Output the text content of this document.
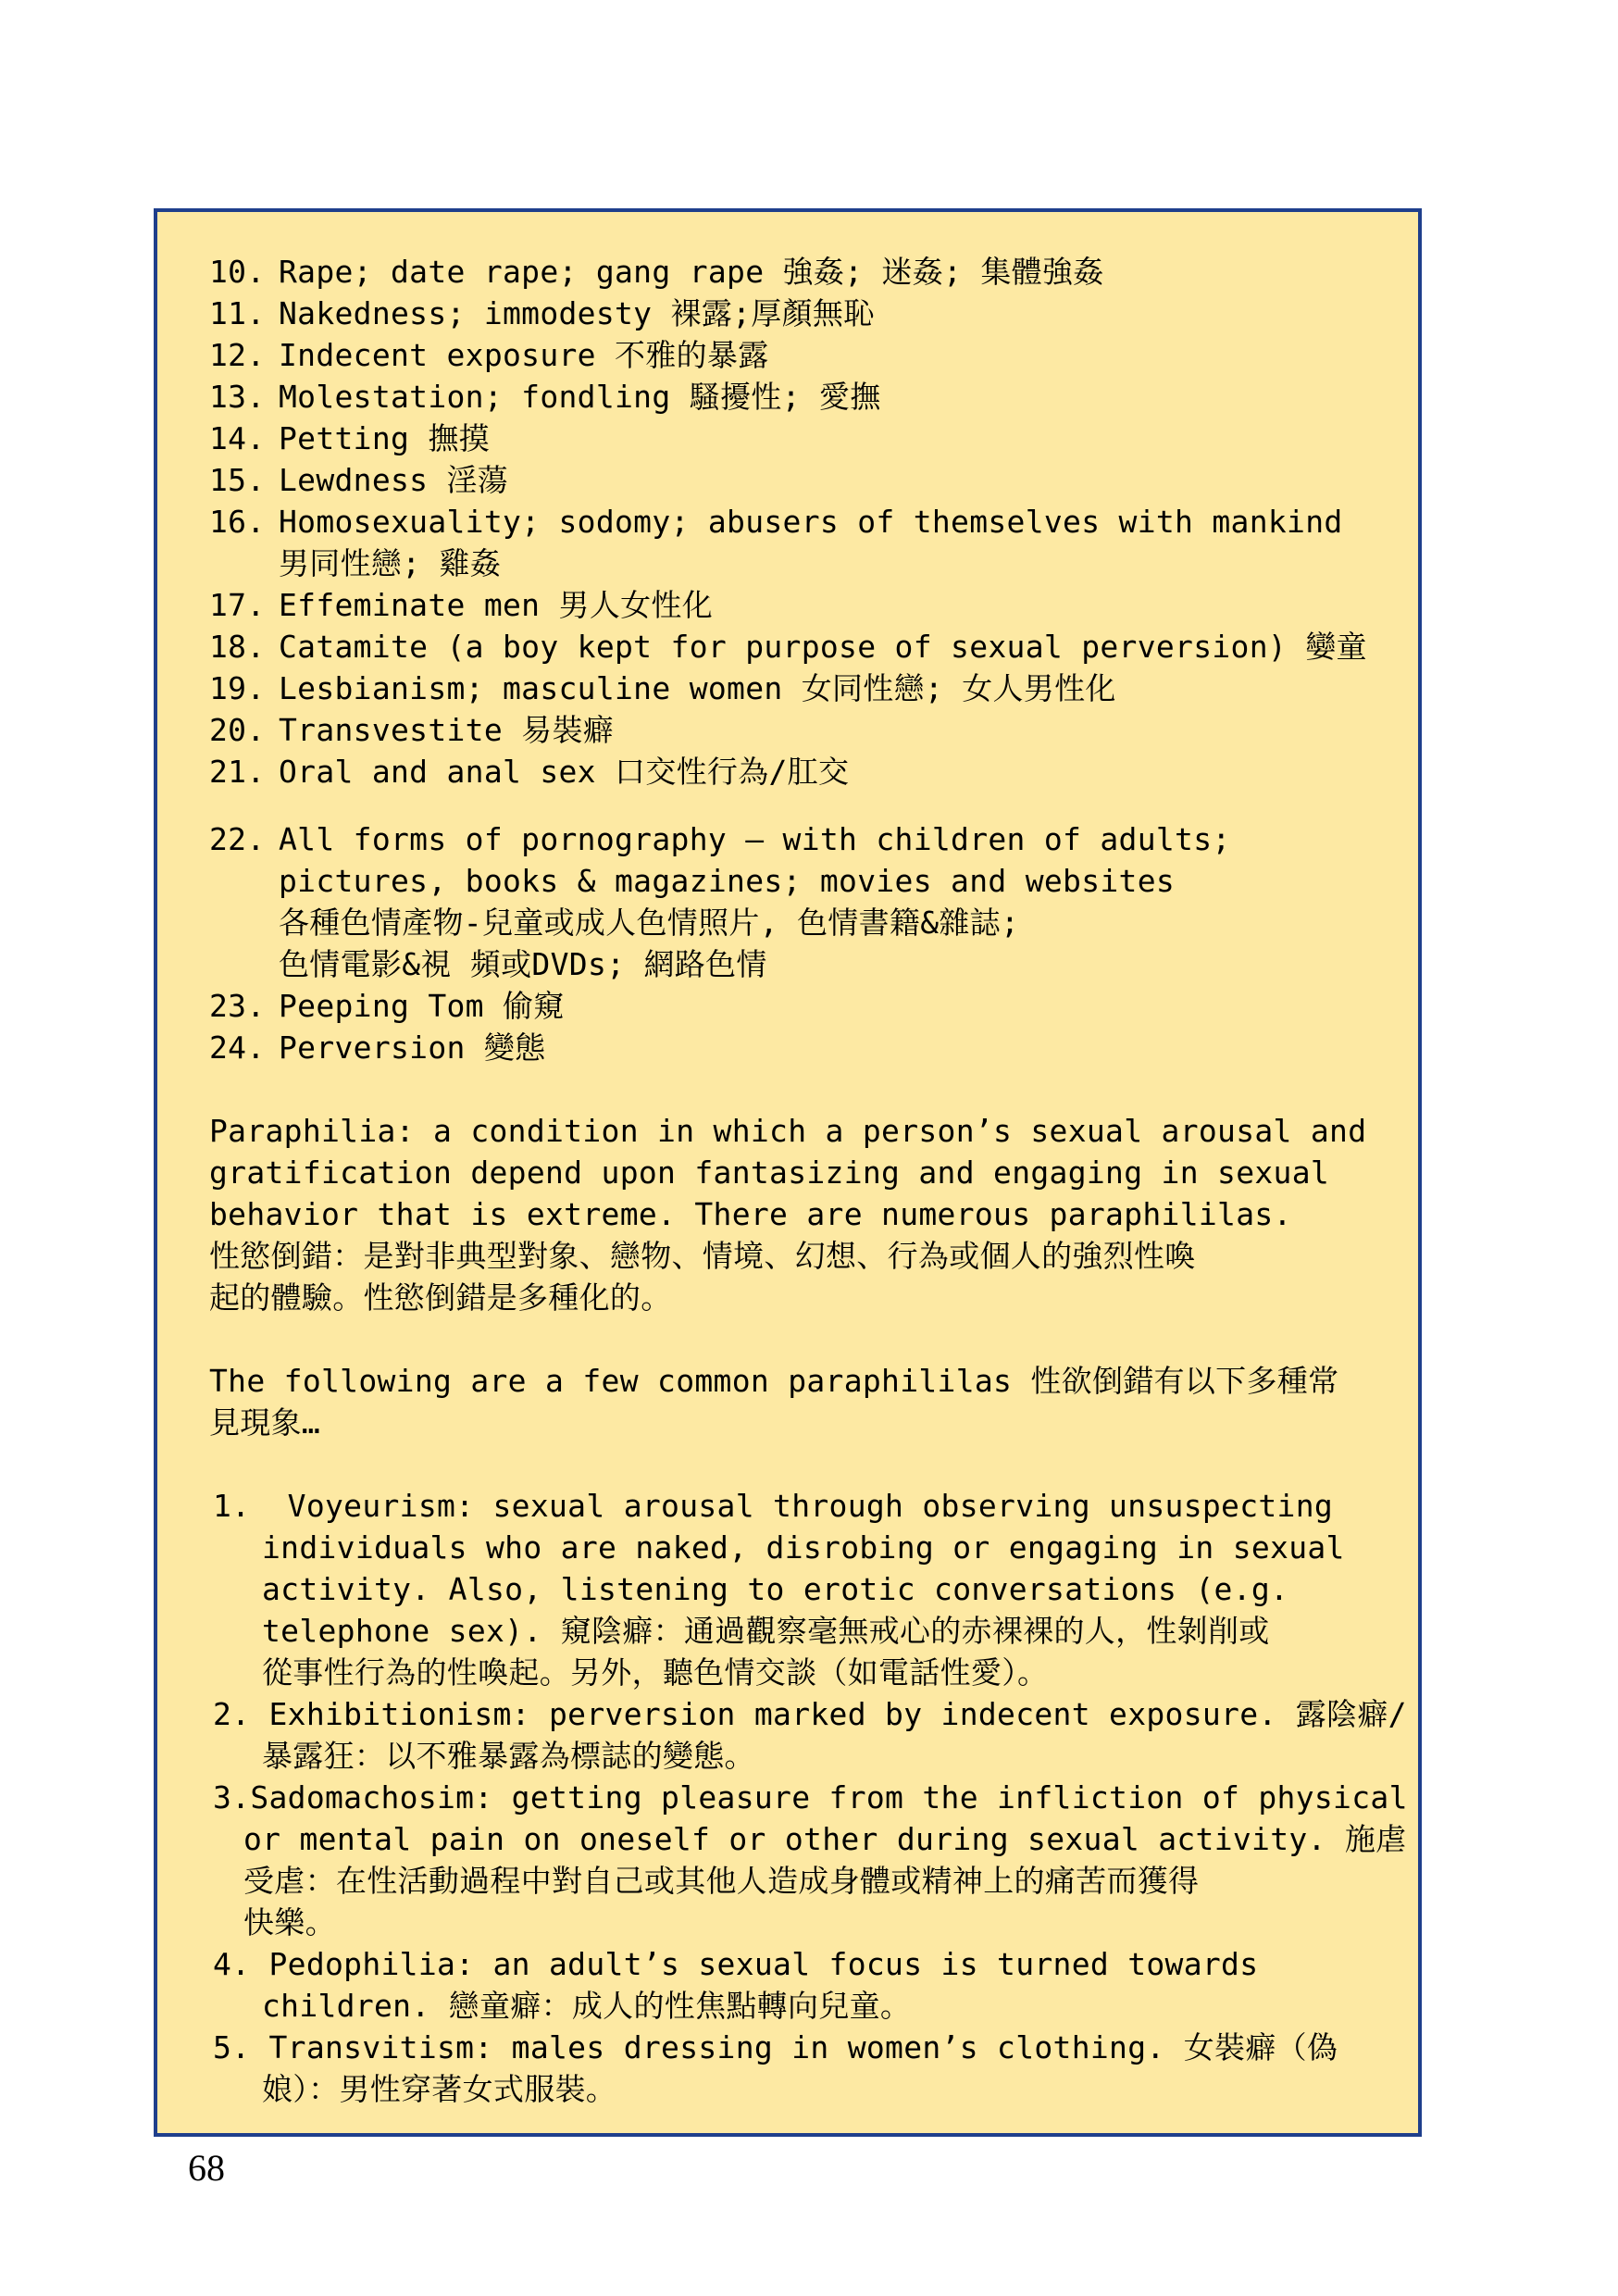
10. Rape; date rape; gang rape 強姦; 迷姦; 集體強姦
11. Nakedness; immodesty 裸露;厚顏無恥
12. Indecent exposure 不雅的暴露
13. Molestation; fondling 騷擾性; 愛撫
14. Petting 撫摸
15. Lewdness 淫蕩
16. Homosexuality; sodomy; abusers of themselves with mankind
男同性戀; 雞姦
17. Effeminate men 男人女性化
18. Catamite (a boy kept for purpose of sexual perversion) 孌童
19. Lesbianism; masculine women 女同性戀; 女人男性化
20. Transvestite 易裝癖
21. Oral and anal sex 口交性行為/肛交
22. All forms of pornography – with children of adults;
pictures, books & magazines; movies and websites
各種色情產物-兒童或成人色情照片, 色情書籍&雜誌;
色情電影&視 頻或DVDs; 網路色情
23. Peeping Tom 偷窺
24. Perversion 變態
Paraphilia: a condition in which a person’s sexual arousal and
gratification depend upon fantasizing and engaging in sexual
behavior that is extreme. There are numerous paraphililas.
性慾倒錯：是對非典型對象、戀物、情境、幻想、行為或個人的強烈性喚
起的體驗。性慾倒錯是多種化的。
The following are a few common paraphililas 性欲倒錯有以下多種常
見現象…
1.  Voyeurism: sexual arousal through observing unsuspecting
individuals who are naked, disrobing or engaging in sexual
activity. Also, listening to erotic conversations (e.g.
telephone sex). 窺陰癖：通過觀察毫無戒心的赤裸裸的人，性剝削或
從事性行為的性喚起。另外，聽色情交談（如電話性愛）。
2. Exhibitionism: perversion marked by indecent exposure. 露陰癖/
暴露狂：以不雅暴露為標誌的變態。
3.Sadomachosim: getting pleasure from the infliction of physical
or mental pain on oneself or other during sexual activity. 施虐
受虐：在性活動過程中對自己或其他人造成身體或精神上的痛苦而獲得
快樂。
4. Pedophilia: an adult’s sexual focus is turned towards
children. 戀童癖：成人的性焦點轉向兒童。
5. Transvitism: males dressing in women’s clothing. 女裝癖（偽
娘）：男性穿著女式服裝。
68
